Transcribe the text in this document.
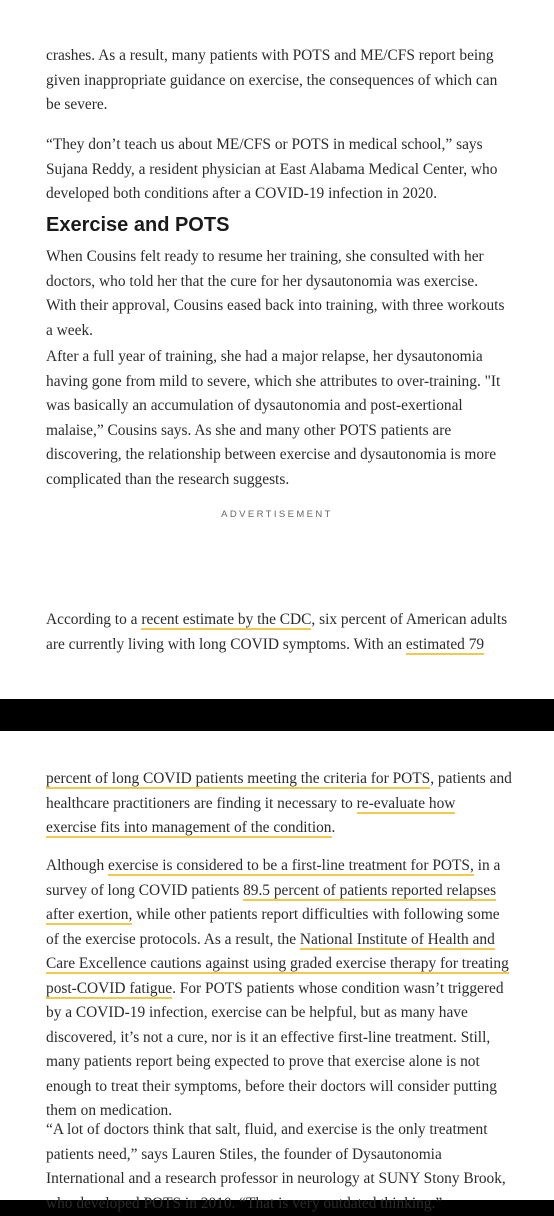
crashes. As a result, many patients with POTS and ME/CFS report being
given inappropriate guidance on exercise, the consequences of which can
be severe.
“They don’t teach us about ME/CFS or POTS in medical school,” says
Sujana Reddy, a resident physician at East Alabama Medical Center, who
developed both conditions after a COVID-19 infection in 2020.
Exercise and POTS
When Cousins felt ready to resume her training, she consulted with her
doctors, who told her that the cure for her dysautonomia was exercise.
With their approval, Cousins eased back into training, with three workouts
a week.
After a full year of training, she had a major relapse, her dysautonomia
having gone from mild to severe, which she attributes to over-training. "It
was basically an accumulation of dysautonomia and post-exertional
malaise,” Cousins says. As she and many other POTS patients are
discovering, the relationship between exercise and dysautonomia is more
complicated than the research suggests.
ADVERTISEMENT
According to a recent estimate by the CDC, six percent of American adults
are currently living with long COVID symptoms. With an estimated 79
percent of long COVID patients meeting the criteria for POTS, patients and
healthcare practitioners are finding it necessary to re-evaluate how
exercise fits into management of the condition.
Although exercise is considered to be a first-line treatment for POTS, in a
survey of long COVID patients 89.5 percent of patients reported relapses
after exertion, while other patients report difficulties with following some
of the exercise protocols. As a result, the National Institute of Health and
Care Excellence cautions against using graded exercise therapy for treating
post-COVID fatigue. For POTS patients whose condition wasn’t triggered
by a COVID-19 infection, exercise can be helpful, but as many have
discovered, it’s not a cure, nor is it an effective first-line treatment. Still,
many patients report being expected to prove that exercise alone is not
enough to treat their symptoms, before their doctors will consider putting
them on medication.
“A lot of doctors think that salt, fluid, and exercise is the only treatment
patients need,” says Lauren Stiles, the founder of Dysautonomia
International and a research professor in neurology at SUNY Stony Brook,
who developed POTS in 2010. “That is very outdated thinking.”
